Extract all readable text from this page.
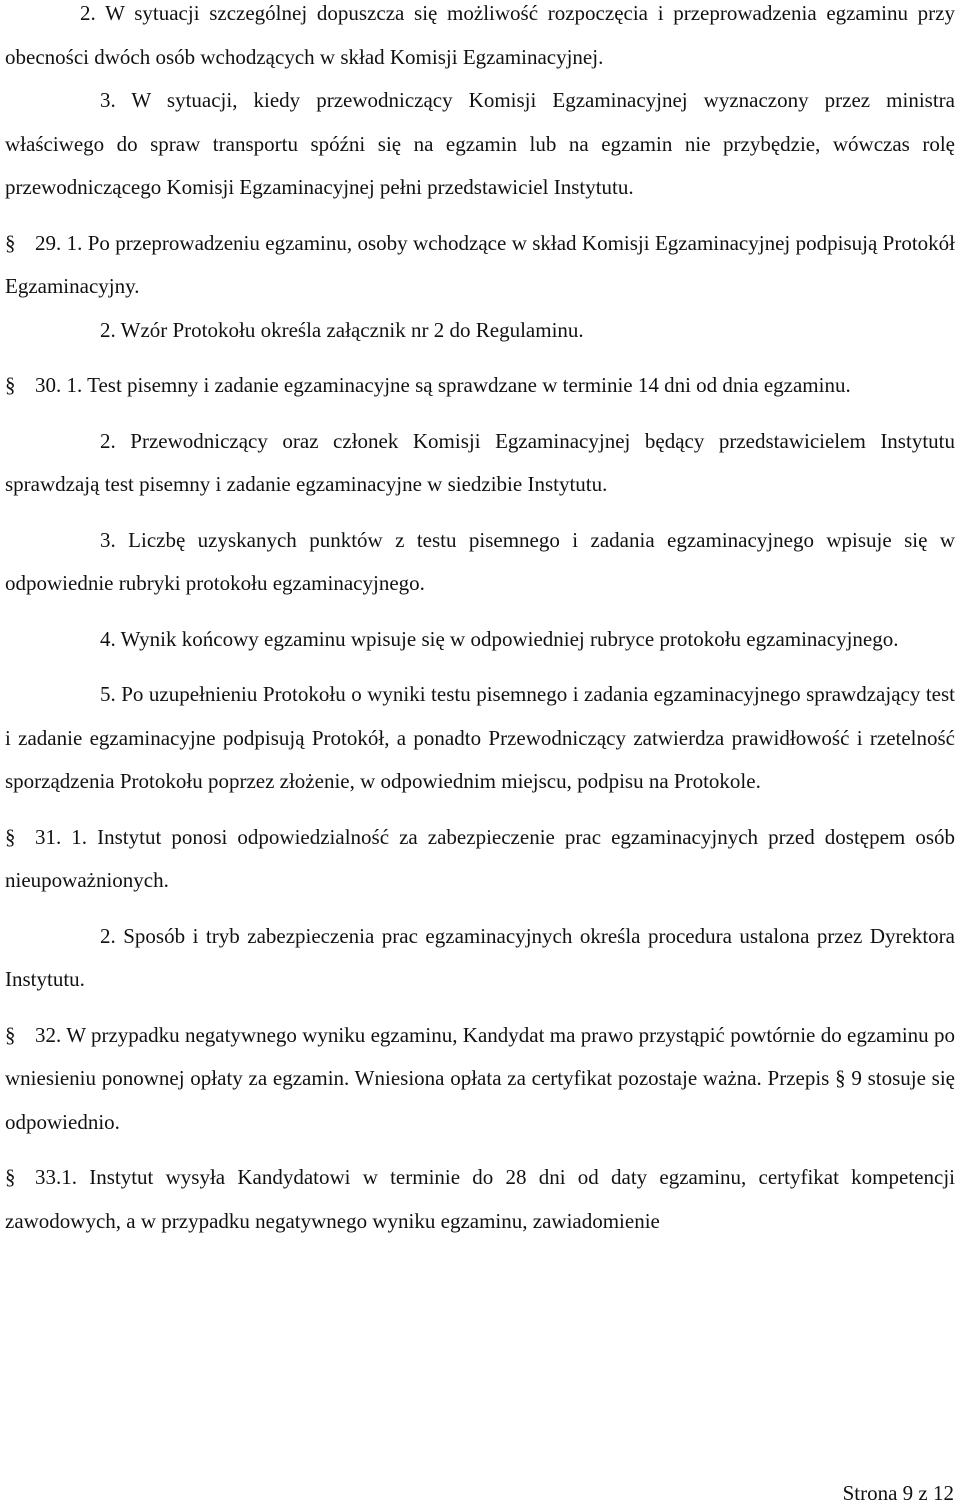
2. W sytuacji szczególnej dopuszcza się możliwość rozpoczęcia i przeprowadzenia egzaminu przy obecności dwóch osób wchodzących w skład Komisji Egzaminacyjnej.

3. W sytuacji, kiedy przewodniczący Komisji Egzaminacyjnej wyznaczony przez ministra właściwego do spraw transportu spóźni się na egzamin lub na egzamin nie przybędzie, wówczas rolę przewodniczącego Komisji Egzaminacyjnej pełni przedstawiciel Instytutu.

§ 29. 1. Po przeprowadzeniu egzaminu, osoby wchodzące w skład Komisji Egzaminacyjnej podpisują Protokół Egzaminacyjny.

2. Wzór Protokołu określa załącznik nr 2 do Regulaminu.

§ 30. 1. Test pisemny i zadanie egzaminacyjne są sprawdzane w terminie 14 dni od dnia egzaminu.

2. Przewodniczący oraz członek Komisji Egzaminacyjnej będący przedstawicielem Instytutu sprawdzają test pisemny i zadanie egzaminacyjne w siedzibie Instytutu.

3. Liczbę uzyskanych punktów z testu pisemnego i zadania egzaminacyjnego wpisuje się w odpowiednie rubryki protokołu egzaminacyjnego.

4. Wynik końcowy egzaminu wpisuje się w odpowiedniej rubryce protokołu egzaminacyjnego.

5. Po uzupełnieniu Protokołu o wyniki testu pisemnego i zadania egzaminacyjnego sprawdzający test i zadanie egzaminacyjne podpisują Protokół, a ponadto Przewodniczący zatwierdza prawidłowość i rzetelność sporządzenia Protokołu poprzez złożenie, w odpowiednim miejscu, podpisu na Protokole.

§ 31. 1. Instytut ponosi odpowiedzialność za zabezpieczenie prac egzaminacyjnych przed dostępem osób nieupoważnionych.

2. Sposób i tryb zabezpieczenia prac egzaminacyjnych określa procedura ustalona przez Dyrektora Instytutu.

§ 32. W przypadku negatywnego wyniku egzaminu, Kandydat ma prawo przystąpić powtórnie do egzaminu po wniesieniu ponownej opłaty za egzamin. Wniesiona opłata za certyfikat pozostaje ważna. Przepis § 9 stosuje się odpowiednio.

§ 33.1. Instytut wysyła Kandydatowi w terminie do 28 dni od daty egzaminu, certyfikat kompetencji zawodowych, a w przypadku negatywnego wyniku egzaminu, zawiadomienie

Strona 9 z 12
